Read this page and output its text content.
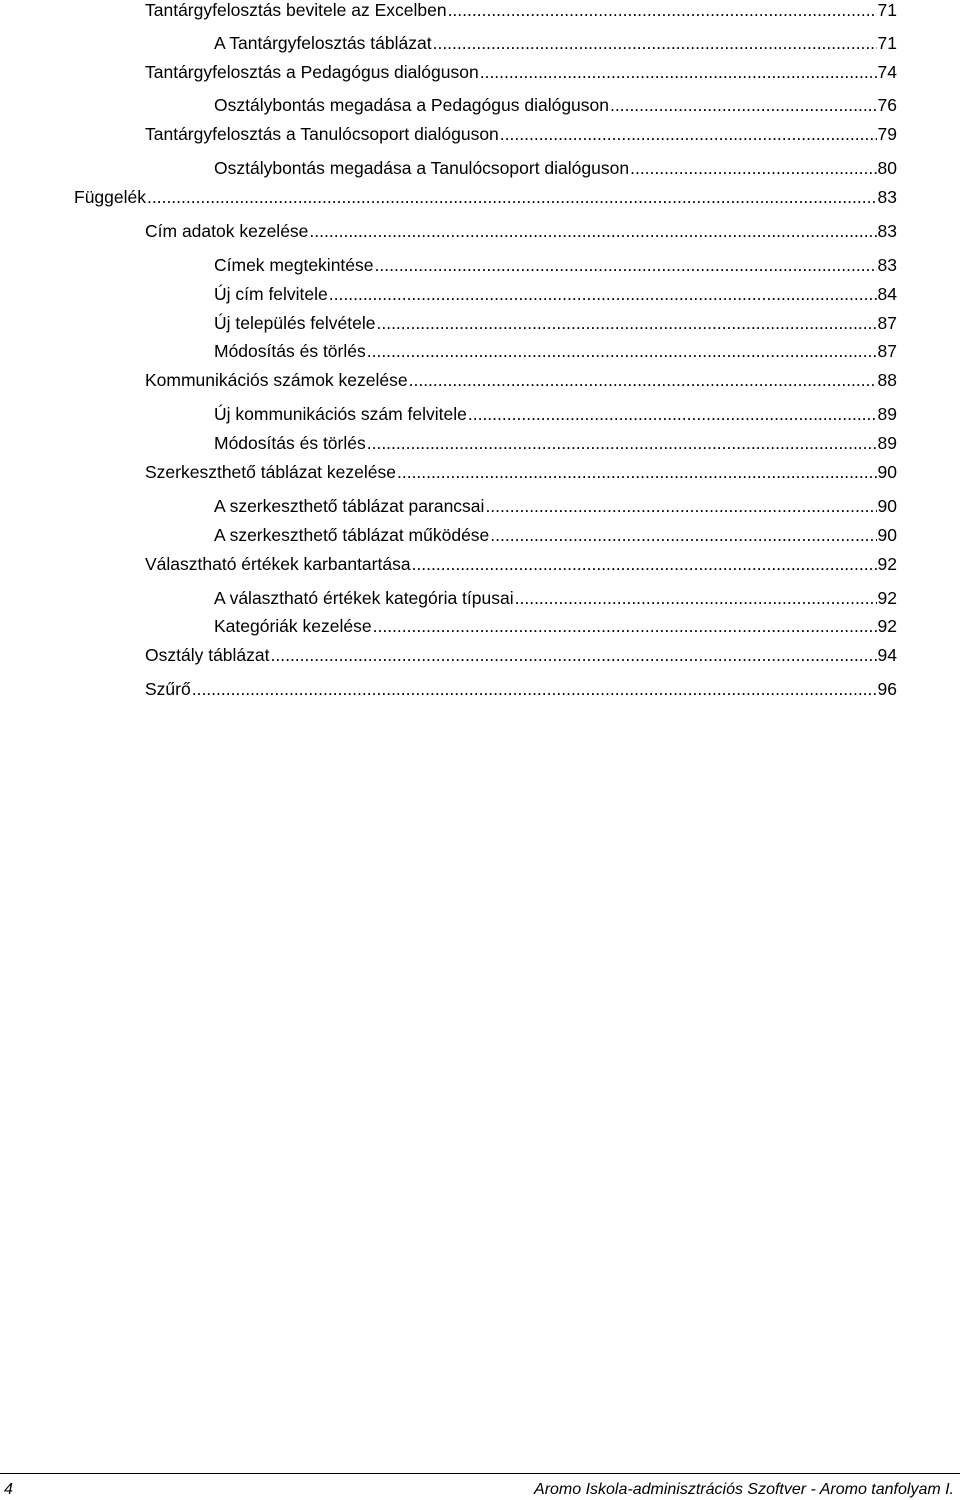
Tantárgyfelosztás bevitele az Excelben .....	71
A Tantárgyfelosztás táblázat .....	71
Tantárgyfelosztás a Pedagógus dialóguson .....	74
Osztálybontás megadása a Pedagógus dialóguson .....	76
Tantárgyfelosztás a Tanulócsoport dialóguson .....	79
Osztálybontás megadása a Tanulócsoport dialóguson .....	80
Függelék .....	83
Cím adatok kezelése .....	83
Címek megtekintése .....	83
Új cím felvitele .....	84
Új település felvétele .....	87
Módosítás és törlés .....	87
Kommunikációs számok kezelése .....	88
Új kommunikációs szám felvitele .....	89
Módosítás és törlés .....	89
Szerkeszthető táblázat kezelése .....	90
A szerkeszthető táblázat parancsai .....	90
A szerkeszthető táblázat működése .....	90
Választható értékek karbantartása .....	92
A választható értékek kategória típusai .....	92
Kategóriák kezelése .....	92
Osztály táblázat .....	94
Szűrő .....	96
4	Aromo Iskola-adminisztrációs Szoftver - Aromo tanfolyam I.
